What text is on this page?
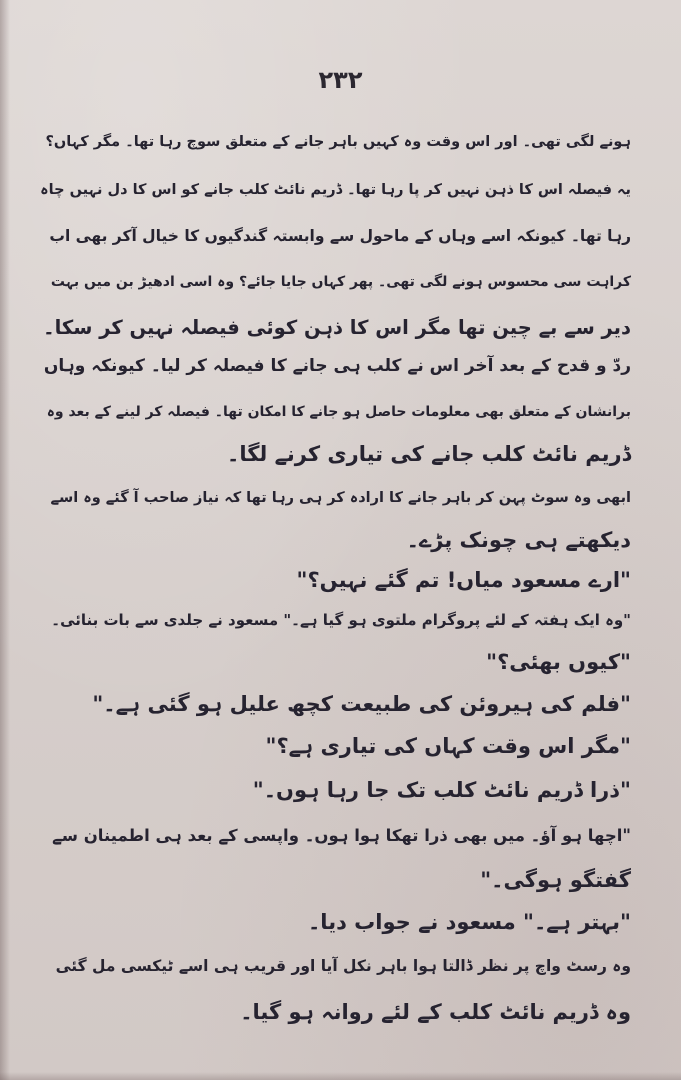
۲۳۲
ہونے لگی تھی۔ اور اس وقت وہ کہیں باہر جانے کے متعلق سوچ رہا تھا۔ مگر کہاں؟
یہ فیصلہ اس کا ذہن نہیں کر پا رہا تھا۔ ڈریم نائٹ کلب جانے کو اس کا دل نہیں چاہ
رہا تھا۔ کیونکہ اسے وہاں کے ماحول سے وابستہ گندگیوں کا خیال آکر بھی اب
کراہت سی محسوس ہونے لگی تھی۔ پھر کہاں جایا جائے؟ وہ اسی ادھیڑ بن میں بہت
دیر سے بے چین تھا مگر اس کا ذہن کوئی فیصلہ نہیں کر سکا۔
ردّ و قدح کے بعد آخر اس نے کلب ہی جانے کا فیصلہ کر لیا۔ کیونکہ وہاں
برانشان کے متعلق بھی معلومات حاصل ہو جانے کا امکان تھا۔ فیصلہ کر لینے کے بعد وہ
ڈریم نائٹ کلب جانے کی تیاری کرنے لگا۔
ابھی وہ سوٹ پہن کر باہر جانے کا ارادہ کر ہی رہا تھا کہ نیاز صاحب آ گئے وہ اسے
دیکھتے ہی چونک پڑے۔
"ارے مسعود میاں! تم گئے نہیں؟"
"وہ ایک ہفتہ کے لئے پروگرام ملتوی ہو گیا ہے۔" مسعود نے جلدی سے بات بنائی۔
"کیوں بھئی؟"
"فلم کی ہیروئن کی طبیعت کچھ علیل ہو گئی ہے۔"
"مگر اس وقت کہاں کی تیاری ہے؟"
"ذرا ڈریم نائٹ کلب تک جا رہا ہوں۔"
"اچھا ہو آؤ۔ میں بھی ذرا تھکا ہوا ہوں۔ واپسی کے بعد ہی اطمینان سے
گفتگو ہوگی۔"
"بہتر ہے۔" مسعود نے جواب دیا۔
وہ رسٹ واچ پر نظر ڈالتا ہوا باہر نکل آیا اور قریب ہی اسے ٹیکسی مل گئی
وہ ڈریم نائٹ کلب کے لئے روانہ ہو گیا۔
